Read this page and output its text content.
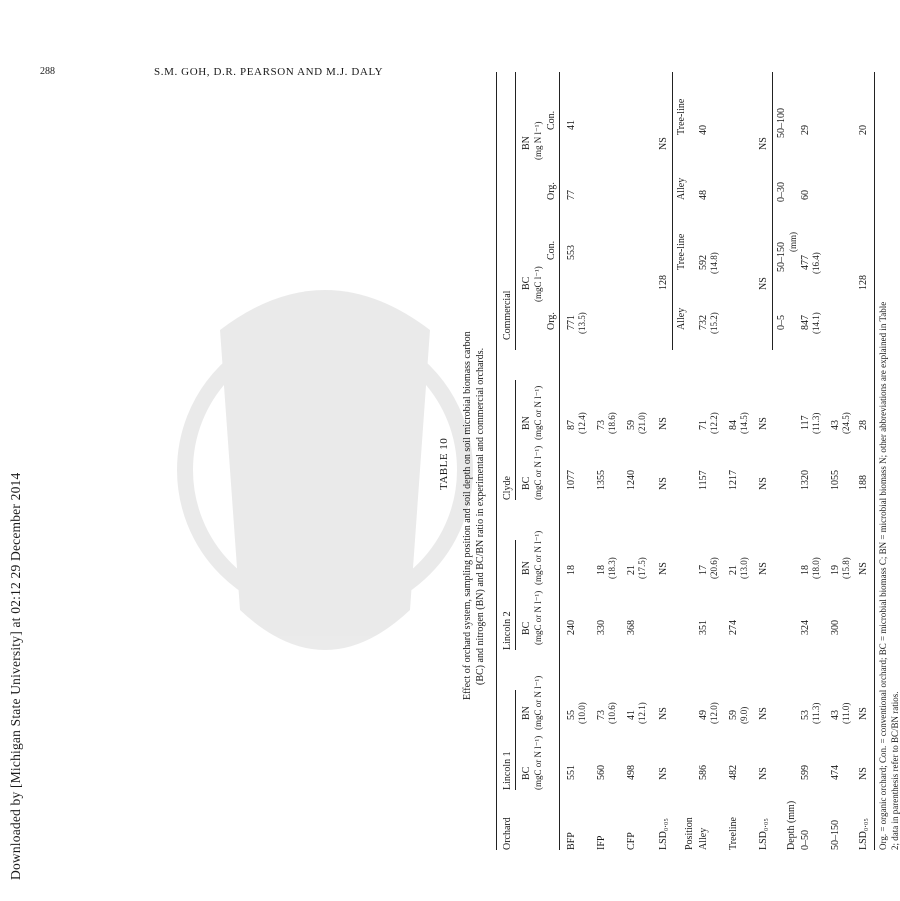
Downloaded by [Michigan State University] at 02:12 29 December 2014
288	S.M. GOH, D.R. PEARSON AND M.J. DALY
TABLE 10 Effect of orchard system, sampling position and soil depth on soil microbial biomass carbon (BC) and nitrogen (BN) and BC/BN ratio in experimental and commercial orchards.
Orchard
Lincoln 1
Lincoln 2
Clyde
Commercial
BC (mgC or N l⁻¹)
BN (mgC or N l⁻¹)
BC (mgC or N l⁻¹)
BN (mgC or N l⁻¹)
BC (mgC or N l⁻¹)
BN (mgC or N l⁻¹)
BC (mgC l⁻¹)
BN (mg N l⁻¹)
Org.
Con.
Org.
Con.
BFP
551
55 (10.0)
240
18
1077
87 (12.4)
IFP
560
73 (10.6)
330
18 (18.3)
1355
73 (18.6)
CFP
498
41 (12.1)
368
21 (17.5)
1240
59 (21.0)
LSD₀.₀₅
NS
NS
NS
NS
NS
Position Alley
586
49 (12.0)
351
17 (20.6)
1157
71 (12.2)
Treeline
482
59 (9.0)
274
21 (13.0)
1217
84 (14.5)
LSD₀.₀₅
NS
NS
NS
NS
NS
Depth (mm) 0–50
599
53 (11.3)
324
18 (18.0)
1320
117 (11.3)
50–150
474
43 (11.0)
300
19 (15.8)
1055
43 (24.5)
LSD₀.₀₅
NS
NS
NS
188
28
771 (13.5)
553
77
41
128
NS
Alley
Tree-line
Alley
Tree-line
732 (15.2)
592 (14.8)
48
40
NS
NS
0–5
50–150
0–30
50–100
(mm)
847 (14.1)
477 (16.4)
60
29
128
20
Org. = organic orchard; Con. = conventional orchard; BC = microbial biomass C; BN = microbial biomass N; other abbreviations are explained in Table 2; data in parenthesis refer to BC/BN ratios.
